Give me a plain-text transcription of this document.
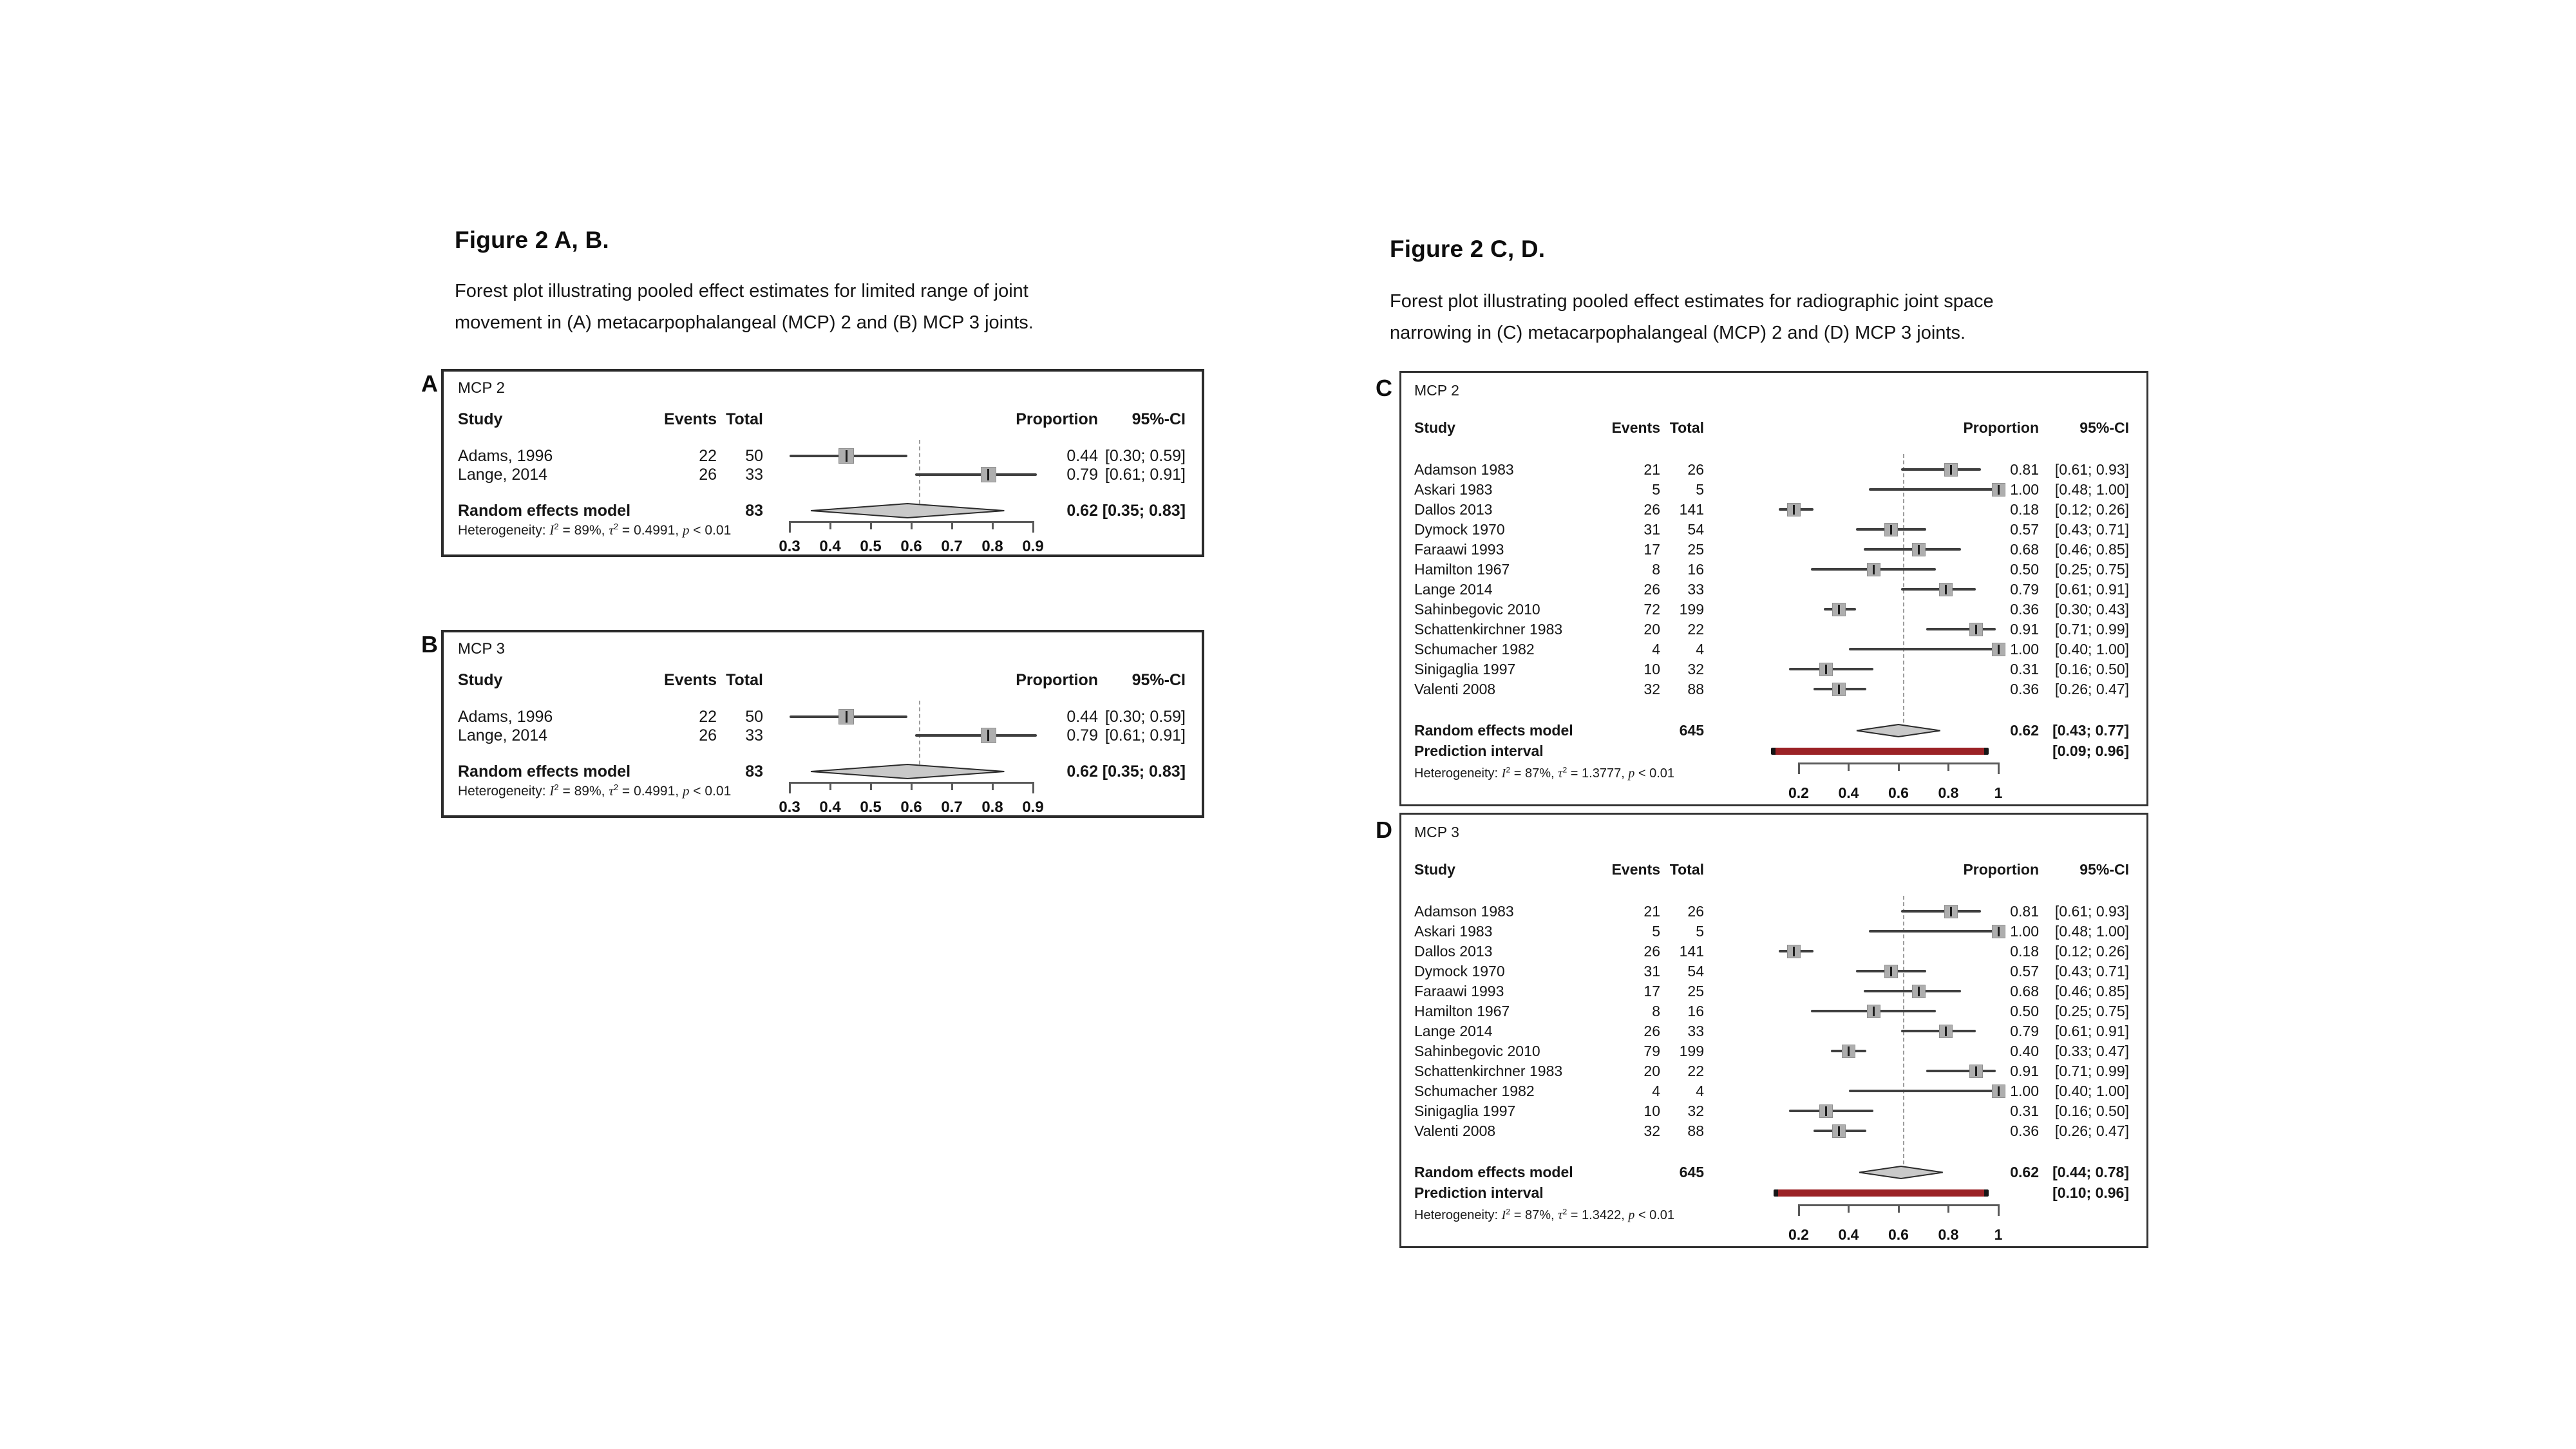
Figure 2 A, B.
Forest plot illustrating pooled effect estimates for limited range of joint
movement in (A) metacarpophalangeal (MCP) 2 and (B) MCP 3 joints.
Figure 2 C, D.
Forest plot illustrating pooled effect estimates for radiographic joint space
narrowing in (C) metacarpophalangeal (MCP) 2 and (D) MCP 3 joints.
A
B
C
D
MCP 2
Study	Events Total	Proportion	95%-CI
Adams, 1996	22	50	0.44 [0.30; 0.59]
Lange, 2014	26	33	0.79 [0.61; 0.91]
Random effects model	83	0.62 [0.35; 0.83]
Heterogeneity: $I^2 = 89\%$, $\tau^2 = 0.4991$, p < 0.01
0.3	0.4	0.5	0.6	0.7	0.8	0.9
MCP 3
Study	Events Total	Proportion	95%-CI
Adams, 1996	22	50	0.44 [0.30; 0.59]
Lange, 2014	26	33	0.79 [0.61; 0.91]
Random effects model	83	0.62 [0.35; 0.83]
Heterogeneity: $I^2 = 89\%$, $\tau^2 = 0.4991$, p < 0.01
0.3	0.4	0.5	0.6	0.7	0.8	0.9
MCP 2
Study	Events Total	Proportion	95%-CI
Adamson 1983	21	26	0.81	[0.61; 0.93]
Askari 1983	5	5	1.00	[0.48; 1.00]
Dallos 2013	26	141	0.18	[0.12; 0.26]
Dymock 1970	31	54	0.57	[0.43; 0.71]
Faraawi 1993	17	25	0.68	[0.46; 0.85]
Hamilton 1967	8	16	0.50	[0.25; 0.75]
Lange 2014	26	33	0.79	[0.61; 0.91]
Sahinbegovic 2010	72	199	0.36	[0.30; 0.43]
Schattenkirchner 1983	20	22	0.91	[0.71; 0.99]
Schumacher 1982	4	4	1.00	[0.40; 1.00]
Sinigaglia 1997	10	32	0.31	[0.16; 0.50]
Valenti 2008	32	88	0.36	[0.26; 0.47]
Random effects model	645	0.62 [0.43; 0.77]
Prediction interval	[0.09; 0.96]
Heterogeneity: $I^2 = 87\%$, $\tau^2 = 1.3777$, p < 0.01
0.2	0.4	0.6	0.8	1
MCP 3
Study	Events Total	Proportion	95%-CI
Adamson 1983	21	26	0.81	[0.61; 0.93]
Askari 1983	5	5	1.00	[0.48; 1.00]
Dallos 2013	26	141	0.18	[0.12; 0.26]
Dymock 1970	31	54	0.57	[0.43; 0.71]
Faraawi 1993	17	25	0.68	[0.46; 0.85]
Hamilton 1967	8	16	0.50	[0.25; 0.75]
Lange 2014	26	33	0.79	[0.61; 0.91]
Sahinbegovic 2010	79	199	0.40	[0.33; 0.47]
Schattenkirchner 1983	20	22	0.91	[0.71; 0.99]
Schumacher 1982	4	4	1.00	[0.40; 1.00]
Sinigaglia 1997	10	32	0.31	[0.16; 0.50]
Valenti 2008	32	88	0.36	[0.26; 0.47]
Random effects model	645	0.62 [0.44; 0.78]
Prediction interval	[0.10; 0.96]
Heterogeneity: $I^2 = 87\%$, $\tau^2 = 1.3422$, p < 0.01
0.2	0.4	0.6	0.8	1
